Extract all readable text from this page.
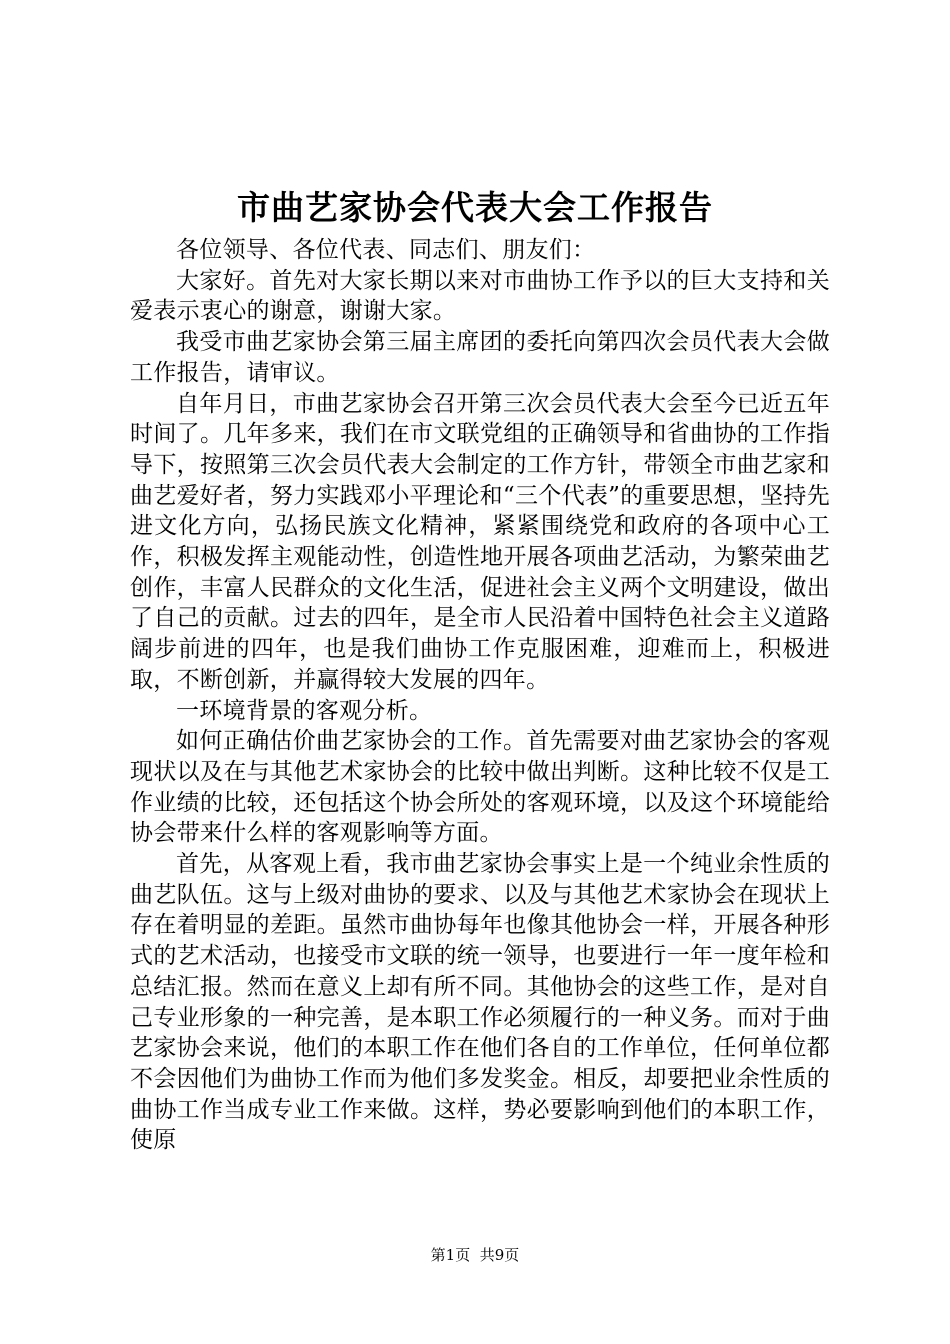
市曲艺家协会代表大会工作报告

各位领导、各位代表、同志们、朋友们：

大家好。首先对大家长期以来对市曲协工作予以的巨大支持和关爱表示衷心的谢意，谢谢大家。

我受市曲艺家协会第三届主席团的委托向第四次会员代表大会做工作报告，请审议。

自年月日，市曲艺家协会召开第三次会员代表大会至今已近五年时间了。几年多来，我们在市文联党组的正确领导和省曲协的工作指导下，按照第三次会员代表大会制定的工作方针，带领全市曲艺家和曲艺爱好者，努力实践邓小平理论和“三个代表”的重要思想，坚持先进文化方向，弘扬民族文化精神，紧紧围绕党和政府的各项中心工作，积极发挥主观能动性，创造性地开展各项曲艺活动，为繁荣曲艺创作，丰富人民群众的文化生活，促进社会主义两个文明建设，做出了自己的贡献。过去的四年，是全市人民沿着中国特色社会主义道路阔步前进的四年，也是我们曲协工作克服困难，迎难而上，积极进取，不断创新，并赢得较大发展的四年。

一环境背景的客观分析。

如何正确估价曲艺家协会的工作。首先需要对曲艺家协会的客观现状以及在与其他艺术家协会的比较中做出判断。这种比较不仅是工作业绩的比较，还包括这个协会所处的客观环境，以及这个环境能给协会带来什么样的客观影响等方面。

首先，从客观上看，我市曲艺家协会事实上是一个纯业余性质的曲艺队伍。这与上级对曲协的要求、以及与其他艺术家协会在现状上存在着明显的差距。虽然市曲协每年也像其他协会一样，开展各种形式的艺术活动，也接受市文联的统一领导，也要进行一年一度年检和总结汇报。然而在意义上却有所不同。其他协会的这些工作，是对自己专业形象的一种完善，是本职工作必须履行的一种义务。而对于曲艺家协会来说，他们的本职工作在他们各自的工作单位，任何单位都不会因他们为曲协工作而为他们多发奖金。相反，却要把业余性质的曲协工作当成专业工作来做。这样，势必要影响到他们的本职工作，使原

第1页 共9页
